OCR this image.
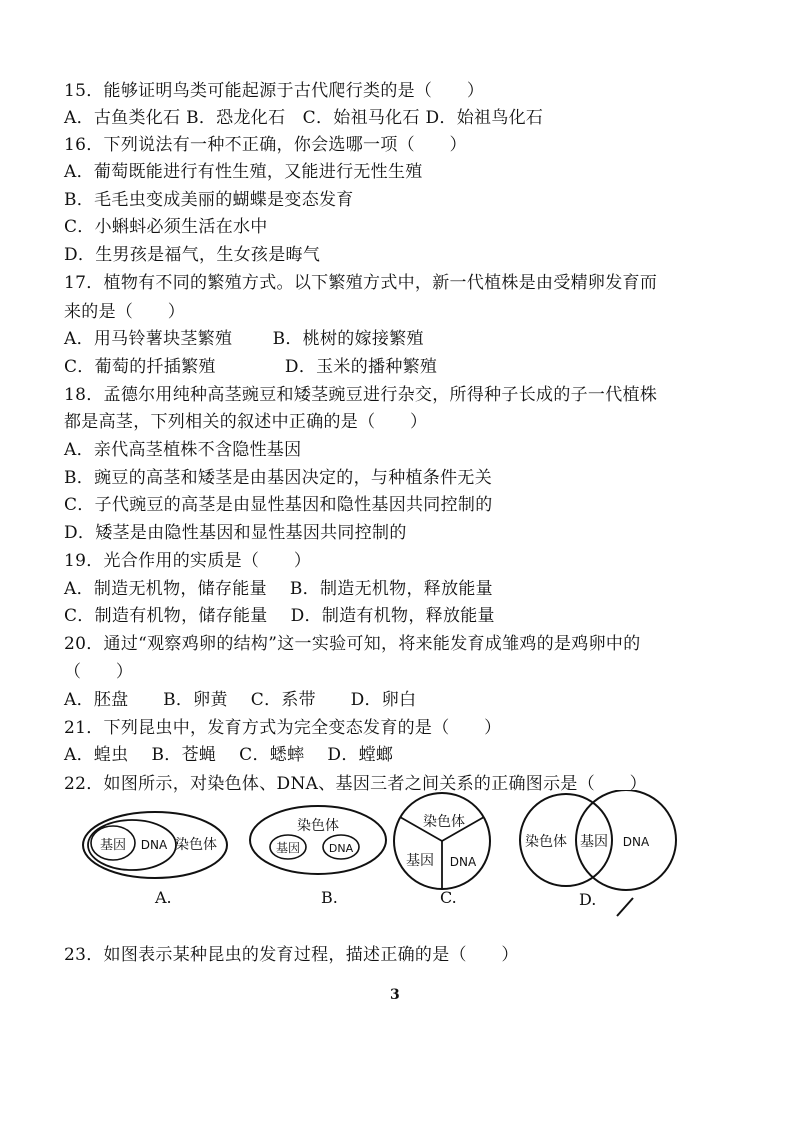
15．能够证明鸟类可能起源于古代爬行类的是（　　）
A．古鱼类化石 B．恐龙化石　C．始祖马化石 D．始祖鸟化石
16．下列说法有一种不正确，你会选哪一项（　　）
A．葡萄既能进行有性生殖，又能进行无性生殖
B．毛毛虫变成美丽的蝴蝶是变态发育
C．小蝌蚪必须生活在水中
D．生男孩是福气，生女孩是晦气
17．植物有不同的繁殖方式。以下繁殖方式中，新一代植株是由受精卵发育而
来的是（　　）
A．用马铃薯块茎繁殖　　 B．桃树的嫁接繁殖
C．葡萄的扦插繁殖　　　　D．玉米的播种繁殖
18．孟德尔用纯种高茎豌豆和矮茎豌豆进行杂交，所得种子长成的子一代植株
都是高茎，下列相关的叙述中正确的是（　　）
A．亲代高茎植株不含隐性基因
B．豌豆的高茎和矮茎是由基因决定的，与种植条件无关
C．子代豌豆的高茎是由显性基因和隐性基因共同控制的
D．矮茎是由隐性基因和显性基因共同控制的
19．光合作用的实质是（　　）
A．制造无机物，储存能量　 B．制造无机物，释放能量
C．制造有机物，储存能量　 D．制造有机物，释放能量
20．通过“观察鸡卵的结构”这一实验可知，将来能发育成雏鸡的是鸡卵中的
（　　）
A．胚盘　　B．卵黄　 C．系带　　D．卵白
21．下列昆虫中，发育方式为完全变态发育的是（　　）
A．蝗虫　 B．苍蝇　 C．蟋蟀　 D．螳螂
22．如图所示，对染色体、DNA、基因三者之间关系的正确图示是（　　）
基因 DNA 染色体
染色体
基因	DNA
染色体
基因 DNA
染色体 基因 DNA
A.	B.	C.	D.
23．如图表示某种昆虫的发育过程，描述正确的是（　　）
3
